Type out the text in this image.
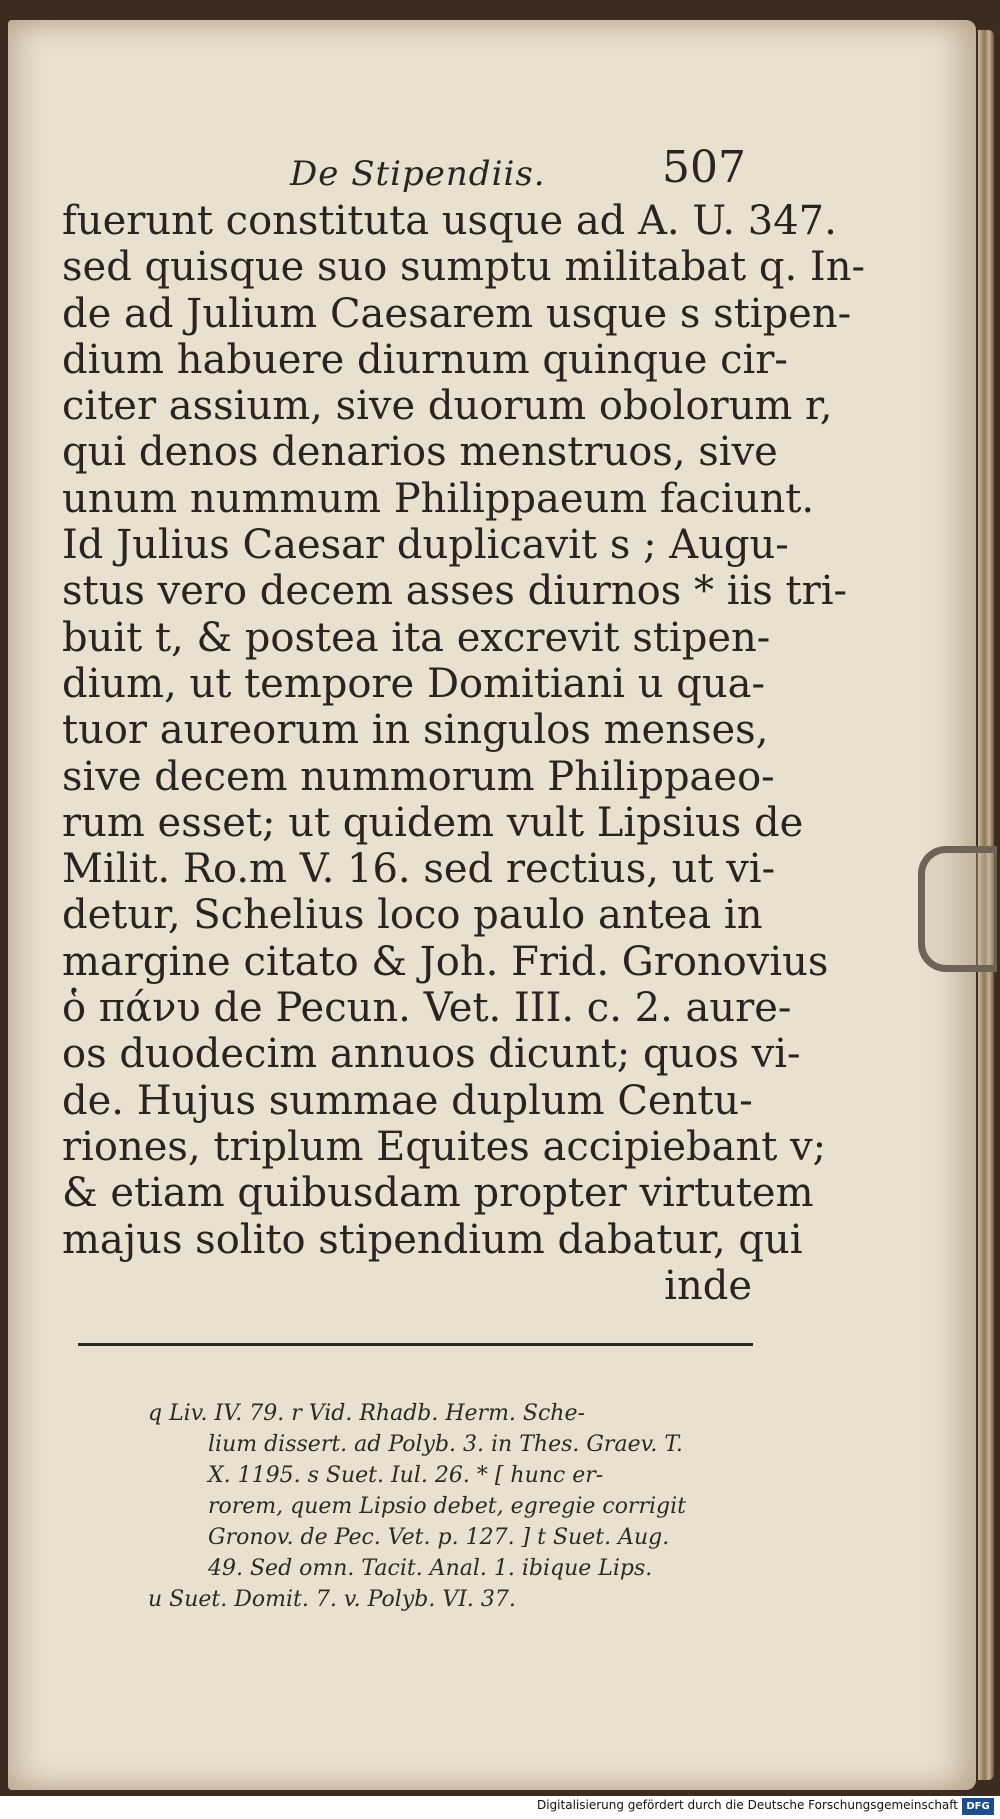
De Stipendiis.	507
fuerunt constituta usque ad A. U. 347.
sed quisque suo sumptu militabat q. In-
de ad Julium Caesarem usque s stipen-
dium habuere diurnum quinque cir-
citer assium, sive duorum obolorum r,
qui denos denarios menstruos, sive
unum nummum Philippaeum faciunt.
Id Julius Caesar duplicavit s ; Augu-
stus vero decem asses diurnos * iis tri-
buit t, & postea ita excrevit stipen-
dium, ut tempore Domitiani u qua-
tuor aureorum in singulos menses,
sive decem nummorum Philippaeo-
rum esset; ut quidem vult Lipsius de
Milit. Ro.m V. 16. sed rectius, ut vi-
detur, Schelius loco paulo antea in
margine citato & Joh. Frid. Gronovius
ὁ πάνυ de Pecun. Vet. III. c. 2. aure-
os duodecim annuos dicunt; quos vi-
de. Hujus summae duplum Centu-
riones, triplum Equites accipiebant v;
& etiam quibusdam propter virtutem
majus solito stipendium dabatur, qui
inde
q Liv. IV. 79. r Vid. Rhadb. Herm. Sche-
lium dissert. ad Polyb. 3. in Thes. Graev. T.
X. 1195. s Suet. Iul. 26. * [ hunc er-
rorem, quem Lipsio debet, egregie corrigit
Gronov. de Pec. Vet. p. 127. ] t Suet. Aug.
49. Sed omn. Tacit. Anal. 1. ibique Lips.
u Suet. Domit. 7. v. Polyb. VI. 37.
Digitalisierung gefördert durch die Deutsche Forschungsgemeinschaft DFG
